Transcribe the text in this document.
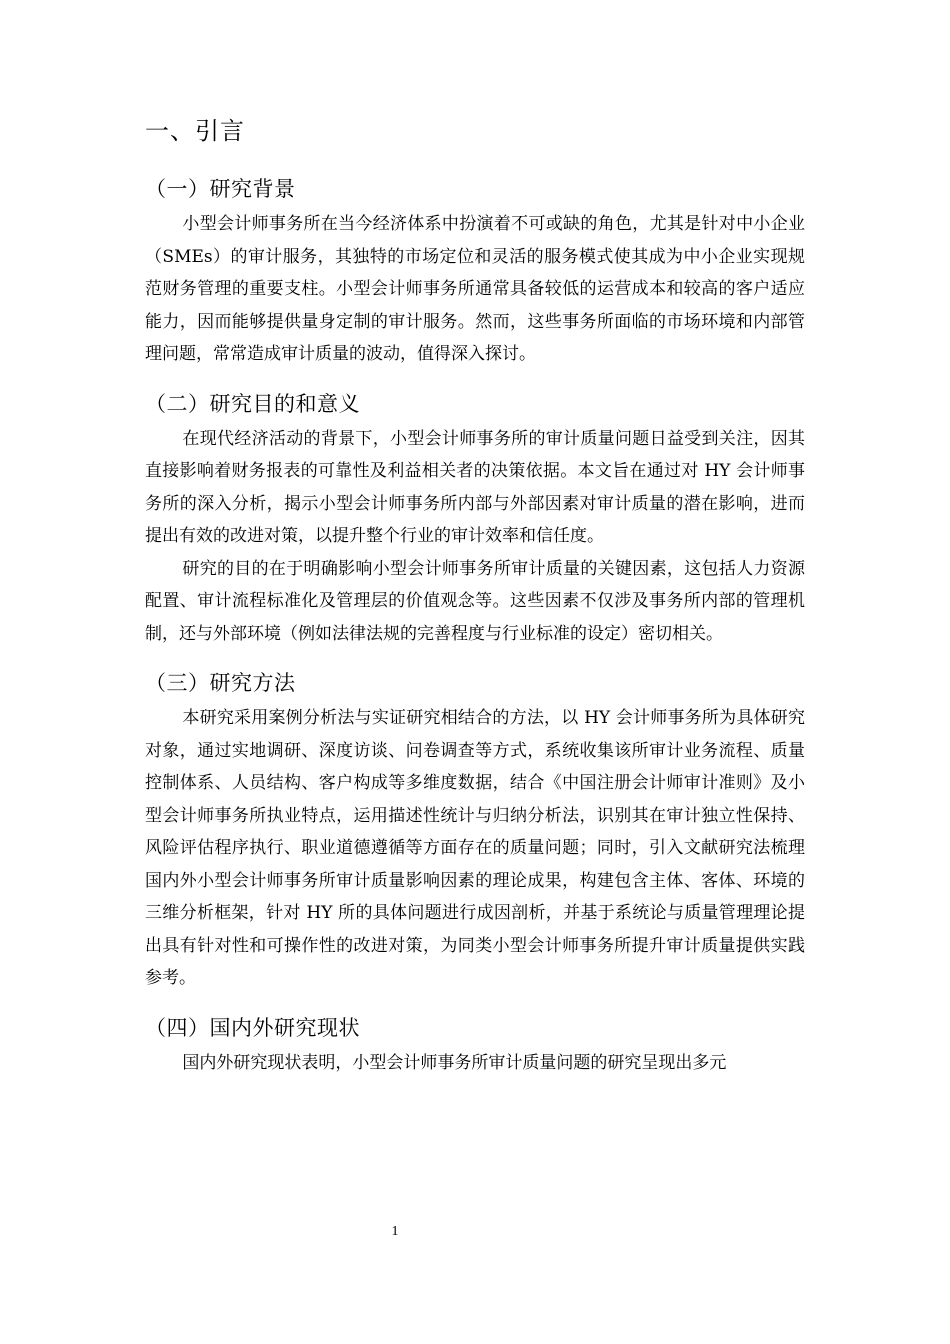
一、引言
（一）研究背景

小型会计师事务所在当今经济体系中扮演着不可或缺的角色，尤其是针对中小企业（SMEs）的审计服务，其独特的市场定位和灵活的服务模式使其成为中小企业实现规范财务管理的重要支柱。小型会计师事务所通常具备较低的运营成本和较高的客户适应能力，因而能够提供量身定制的审计服务。然而，这些事务所面临的市场环境和内部管理问题，常常造成审计质量的波动，值得深入探讨。

（二）研究目的和意义

在现代经济活动的背景下，小型会计师事务所的审计质量问题日益受到关注，因其直接影响着财务报表的可靠性及利益相关者的决策依据。本文旨在通过对 HY 会计师事务所的深入分析，揭示小型会计师事务所内部与外部因素对审计质量的潜在影响，进而提出有效的改进对策，以提升整个行业的审计效率和信任度。

研究的目的在于明确影响小型会计师事务所审计质量的关键因素，这包括人力资源配置、审计流程标准化及管理层的价值观念等。这些因素不仅涉及事务所内部的管理机制，还与外部环境（例如法律法规的完善程度与行业标准的设定）密切相关。

（三）研究方法

本研究采用案例分析法与实证研究相结合的方法，以 HY 会计师事务所为具体研究对象，通过实地调研、深度访谈、问卷调查等方式，系统收集该所审计业务流程、质量控制体系、人员结构、客户构成等多维度数据，结合《中国注册会计师审计准则》及小型会计师事务所执业特点，运用描述性统计与归纳分析法，识别其在审计独立性保持、风险评估程序执行、职业道德遵循等方面存在的质量问题；同时，引入文献研究法梳理国内外小型会计师事务所审计质量影响因素的理论成果，构建包含主体、客体、环境的三维分析框架，针对 HY 所的具体问题进行成因剖析，并基于系统论与质量管理理论提出具有针对性和可操作性的改进对策，为同类小型会计师事务所提升审计质量提供实践参考。

（四）国内外研究现状

国内外研究现状表明，小型会计师事务所审计质量问题的研究呈现出多元

1
